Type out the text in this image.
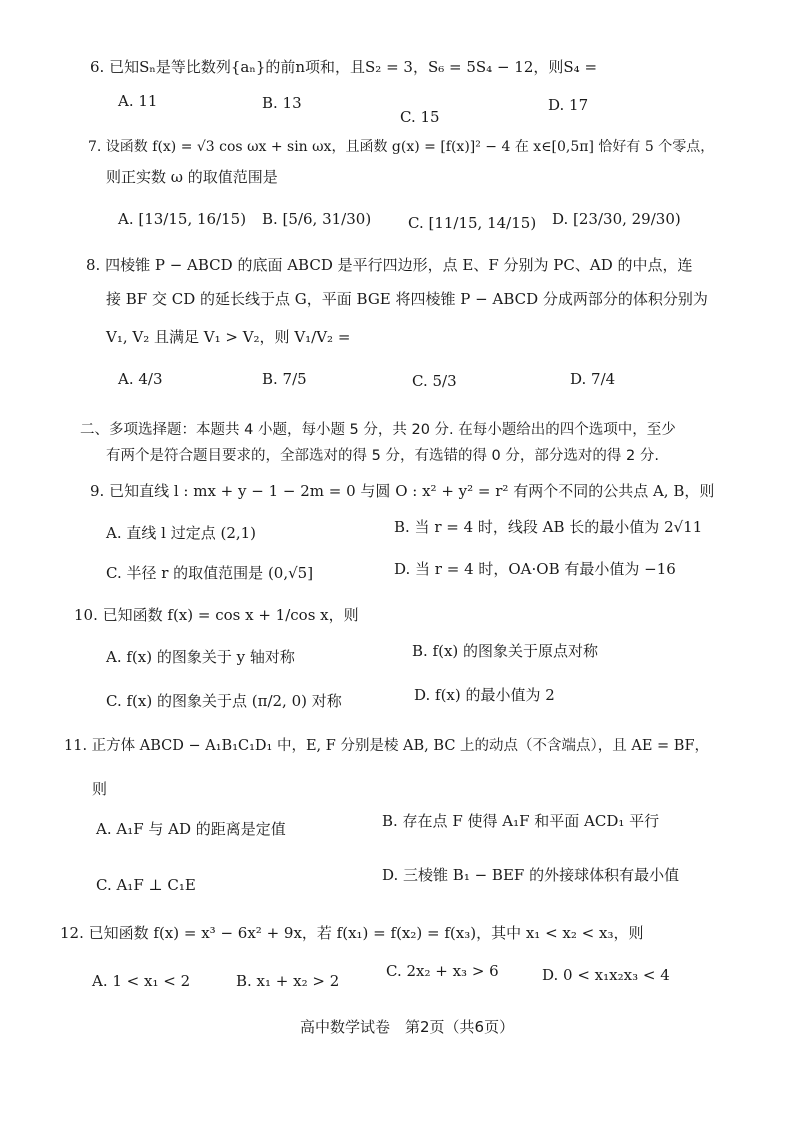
6. 已知Sₙ是等比数列{aₙ}的前n项和，且S₂ = 3，S₆ = 5S₄ − 12，则S₄ =
A. 11	B. 13
C. 15
D. 17
7. 设函数 f(x) = √3 cos ωx + sin ωx，且函数 g(x) = [f(x)]² − 4 在 x∈[0,5π] 恰好有 5 个零点，
则正实数 ω 的取值范围是
A. [13/15, 16/15) B. [5/6, 31/30) C. [11/15, 14/15) D. [23/30, 29/30)
8. 四棱锥 P − ABCD 的底面 ABCD 是平行四边形，点 E、F 分别为 PC、AD 的中点，连
接 BF 交 CD 的延长线于点 G，平面 BGE 将四棱锥 P − ABCD 分成两部分的体积分别为
V₁, V₂ 且满足 V₁ > V₂，则 V₁/V₂ =
A. 4/3	B. 7/5	C. 5/3	D. 7/4
二、多项选择题：本题共 4 小题，每小题 5 分，共 20 分. 在每小题给出的四个选项中，至少
有两个是符合题目要求的，全部选对的得 5 分，有选错的得 0 分，部分选对的得 2 分.
9. 已知直线 l : mx + y − 1 − 2m = 0 与圆 O : x² + y² = r² 有两个不同的公共点 A, B，则
A. 直线 l 过定点 (2,1)	B. 当 r = 4 时，线段 AB 长的最小值为 2√11
C. 半径 r 的取值范围是 (0,√5]	D. 当 r = 4 时，OA·OB 有最小值为 −16
10. 已知函数 f(x) = cos x + 1/cos x，则
A. f(x) 的图象关于 y 轴对称	B. f(x) 的图象关于原点对称
C. f(x) 的图象关于点 (π/2, 0) 对称	D. f(x) 的最小值为 2
11. 正方体 ABCD − A₁B₁C₁D₁ 中，E, F 分别是棱 AB, BC 上的动点（不含端点），且 AE = BF，
则
A. A₁F 与 AD 的距离是定值	B. 存在点 F 使得 A₁F 和平面 ACD₁ 平行
C. A₁F ⊥ C₁E
D. 三棱锥 B₁ − BEF 的外接球体积有最小值
12. 已知函数 f(x) = x³ − 6x² + 9x，若 f(x₁) = f(x₂) = f(x₃)，其中 x₁ < x₂ < x₃，则
A. 1 < x₁ < 2	B. x₁ + x₂ > 2
C. 2x₂ + x₃ > 6	D. 0 < x₁x₂x₃ < 4
高中数学试卷　第2页（共6页）
